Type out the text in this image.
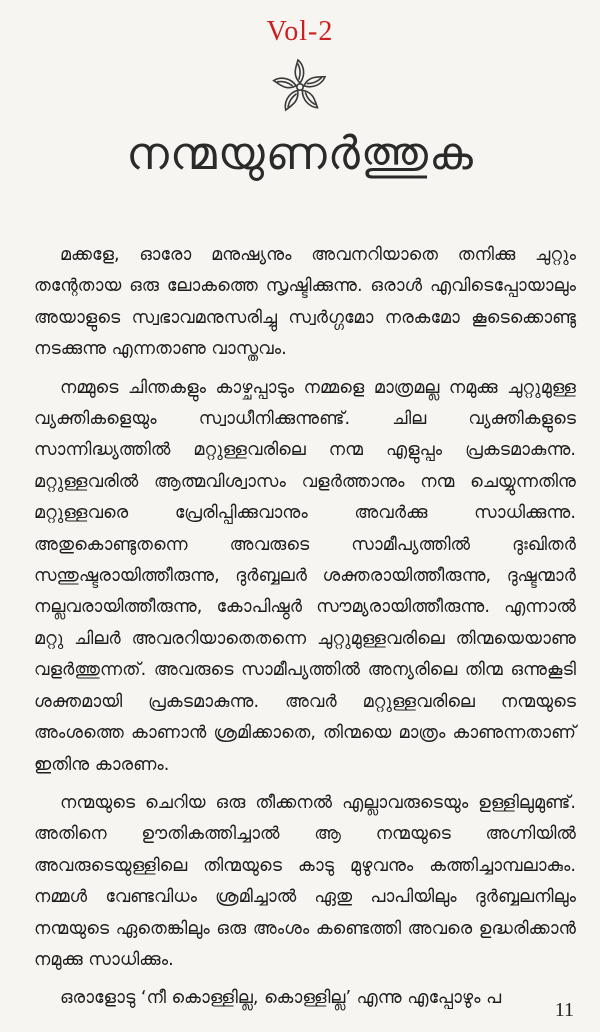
Vol-2
നന്മയുണർത്തുക

മക്കളേ, ഓരോ മനുഷ്യനും അവനറിയാതെ തനിക്കു ചുറ്റും തന്റേതായ ഒരു ലോകത്തെ സൃഷ്ടിക്കുന്നു. ഒരാൾ എവിടെപ്പോയാലും അയാളുടെ സ്വഭാവമനുസരിച്ചു സ്വർഗ്ഗമോ നരകമോ കൂടെക്കൊണ്ടു നടക്കുന്നു എന്നതാണു വാസ്തവം.

നമ്മുടെ ചിന്തകളും കാഴ്ചപ്പാടും നമ്മളെ മാത്രമല്ല നമുക്കു ചുറ്റുമുള്ള വ്യക്തികളെയും സ്വാധീനിക്കുന്നുണ്ട്. ചില വ്യക്തികളുടെ സാന്നിദ്ധ്യത്തിൽ മറ്റുള്ളവരിലെ നന്മ എളുപ്പം പ്രകടമാകുന്നു. മറ്റുള്ളവരിൽ ആത്മവിശ്വാസം വളർത്താനും നന്മ ചെയ്യുന്നതിനു മറ്റുള്ളവരെ പ്രേരിപ്പിക്കുവാനും അവർക്കു സാധിക്കുന്നു. അതുകൊണ്ടുതന്നെ അവരുടെ സാമീപ്യത്തിൽ ദുഃഖിതർ സന്തുഷ്ടരായിത്തീരുന്നു, ദുർബ്ബലർ ശക്തരായിത്തീരുന്നു, ദുഷ്ടന്മാർ നല്ലവരായിത്തീരുന്നു, കോപിഷ്ഠർ സൗമ്യരായിത്തീരുന്നു. എന്നാൽ മറ്റു ചിലർ അവരറിയാതെതന്നെ ചുറ്റുമുള്ളവരിലെ തിന്മയെയാണു വളർത്തുന്നത്. അവരുടെ സാമീപ്യത്തിൽ അന്യരിലെ തിന്മ ഒന്നുകൂടി ശക്തമായി പ്രകടമാകുന്നു. അവർ മറ്റുള്ളവരിലെ നന്മയുടെ അംശത്തെ കാണാൻ ശ്രമിക്കാതെ, തിന്മയെ മാത്രം കാണുന്നതാണ് ഇതിനു കാരണം.

നന്മയുടെ ചെറിയ ഒരു തീക്കനൽ എല്ലാവരുടെയും ഉള്ളിലുമുണ്ട്. അതിനെ ഊതികത്തിച്ചാൽ ആ നന്മയുടെ അഗ്നിയിൽ അവരുടെയുള്ളിലെ തിന്മയുടെ കാടു മുഴുവനും കത്തിച്ചാമ്പലാകും. നമ്മൾ വേണ്ടവിധം ശ്രമിച്ചാൽ ഏതു പാപിയിലും ദുർബ്ബലനിലും നന്മയുടെ ഏതെങ്കിലും ഒരു അംശം കണ്ടെത്തി അവരെ ഉദ്ധരിക്കാൻ നമുക്കു സാധിക്കും.

ഒരാളോടു ‘നീ കൊള്ളില്ല, കൊള്ളില്ല’ എന്നു എപ്പോഴും പ

11
